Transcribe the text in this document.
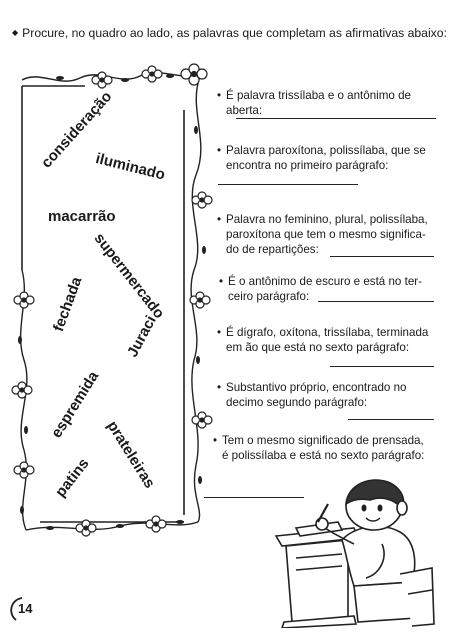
◆ Procure, no quadro ao lado, as palavras que completam as afirmativas abaixo:
consideração
iluminado
macarrão
supermercado
fechada
Juraci
espremida
prateleiras
patins
• É palavra trissílaba e o antônimo de aberta:
• Palavra paroxítona, polissílaba, que se
encontra no primeiro parágrafo:
• Palavra no feminino, plural, polissílaba,
paroxítona que tem o mesmo significa-
do de repartições:
• É o antônimo de escuro e está no ter-
ceiro parágrafo:
• É dígrafo, oxítona, trissílaba, terminada
em ão que está no sexto parágrafo:
• Substantivo próprio, encontrado no
decimo segundo parágrafo:
• Tem o mesmo significado de prensada,
é polissílaba e está no sexto parágrafo:
14
